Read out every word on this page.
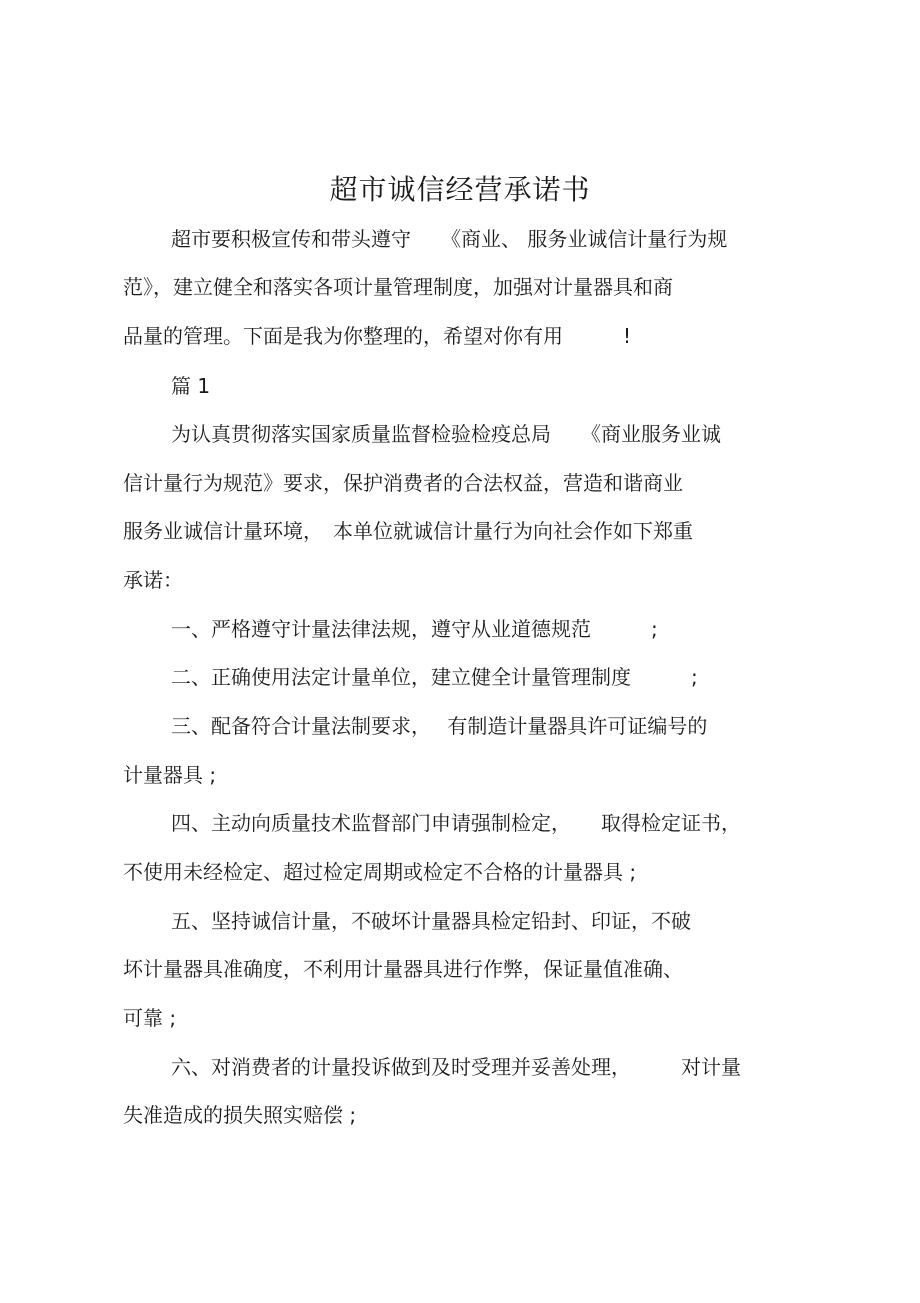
超市诚信经营承诺书
超市要积极宣传和带头遵守　　《商业、 服务业诚信计量行为规
范》，建立健全和落实各项计量管理制度，加强对计量器具和商
品量的管理。下面是我为你整理的，希望对你有用　　　!
篇 1
为认真贯彻落实国家质量监督检验检疫总局　　《商业服务业诚
信计量行为规范》要求，保护消费者的合法权益，营造和谐商业
服务业诚信计量环境，　本单位就诚信计量行为向社会作如下郑重
承诺：
一、严格遵守计量法律法规，遵守从业道德规范　　　;
二、正确使用法定计量单位，建立健全计量管理制度　　　;
三、配备符合计量法制要求，　 有制造计量器具许可证编号的
计量器具 ;
四、主动向质量技术监督部门申请强制检定，　　取得检定证书，
不使用未经检定、超过检定周期或检定不合格的计量器具 ;
五、坚持诚信计量，不破坏计量器具检定铅封、印证，不破
坏计量器具准确度，不利用计量器具进行作弊，保证量值准确、
可靠 ;
六、对消费者的计量投诉做到及时受理并妥善处理，　　　对计量
失准造成的损失照实赔偿 ;
